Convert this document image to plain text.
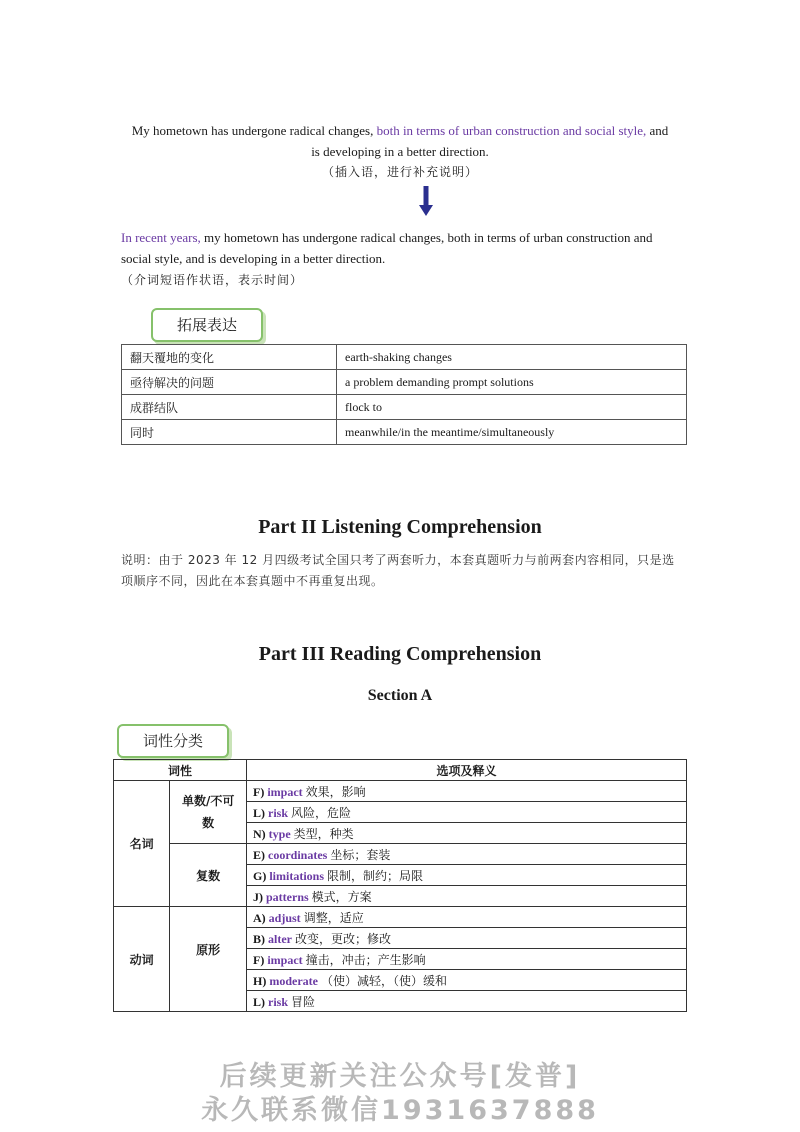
My hometown has undergone radical changes, both in terms of urban construction and social style, and
is developing in a better direction.
（插入语，进行补充说明）
In recent years, my hometown has undergone radical changes, both in terms of urban construction and social style, and is developing in a better direction.
（介词短语作状语，表示时间）
拓展表达
翻天覆地的变化	earth-shaking changes
亟待解决的问题	a problem demanding prompt solutions
成群结队	flock to
同时	meanwhile/in the meantime/simultaneously
Part II Listening Comprehension
说明：由于 2023 年 12 月四级考试全国只考了两套听力，本套真题听力与前两套内容相同，只是选项顺序不同，因此在本套真题中不再重复出现。
Part III Reading Comprehension
Section A
词性分类
词性		选项及释义
名词	单数/不可数	F) impact 效果，影响
		L) risk 风险，危险
		N) type 类型，种类
	复数	E) coordinates 坐标；套装
		G) limitations 限制，制约；局限
		J) patterns 模式，方案
动词	原形	A) adjust 调整，适应
		B) alter 改变，更改；修改
		F) impact 撞击，冲击；产生影响
		H) moderate （使）减轻，（使）缓和
		L) risk 冒险
后续更新关注公众号[发普]
永久联系微信1931637888
